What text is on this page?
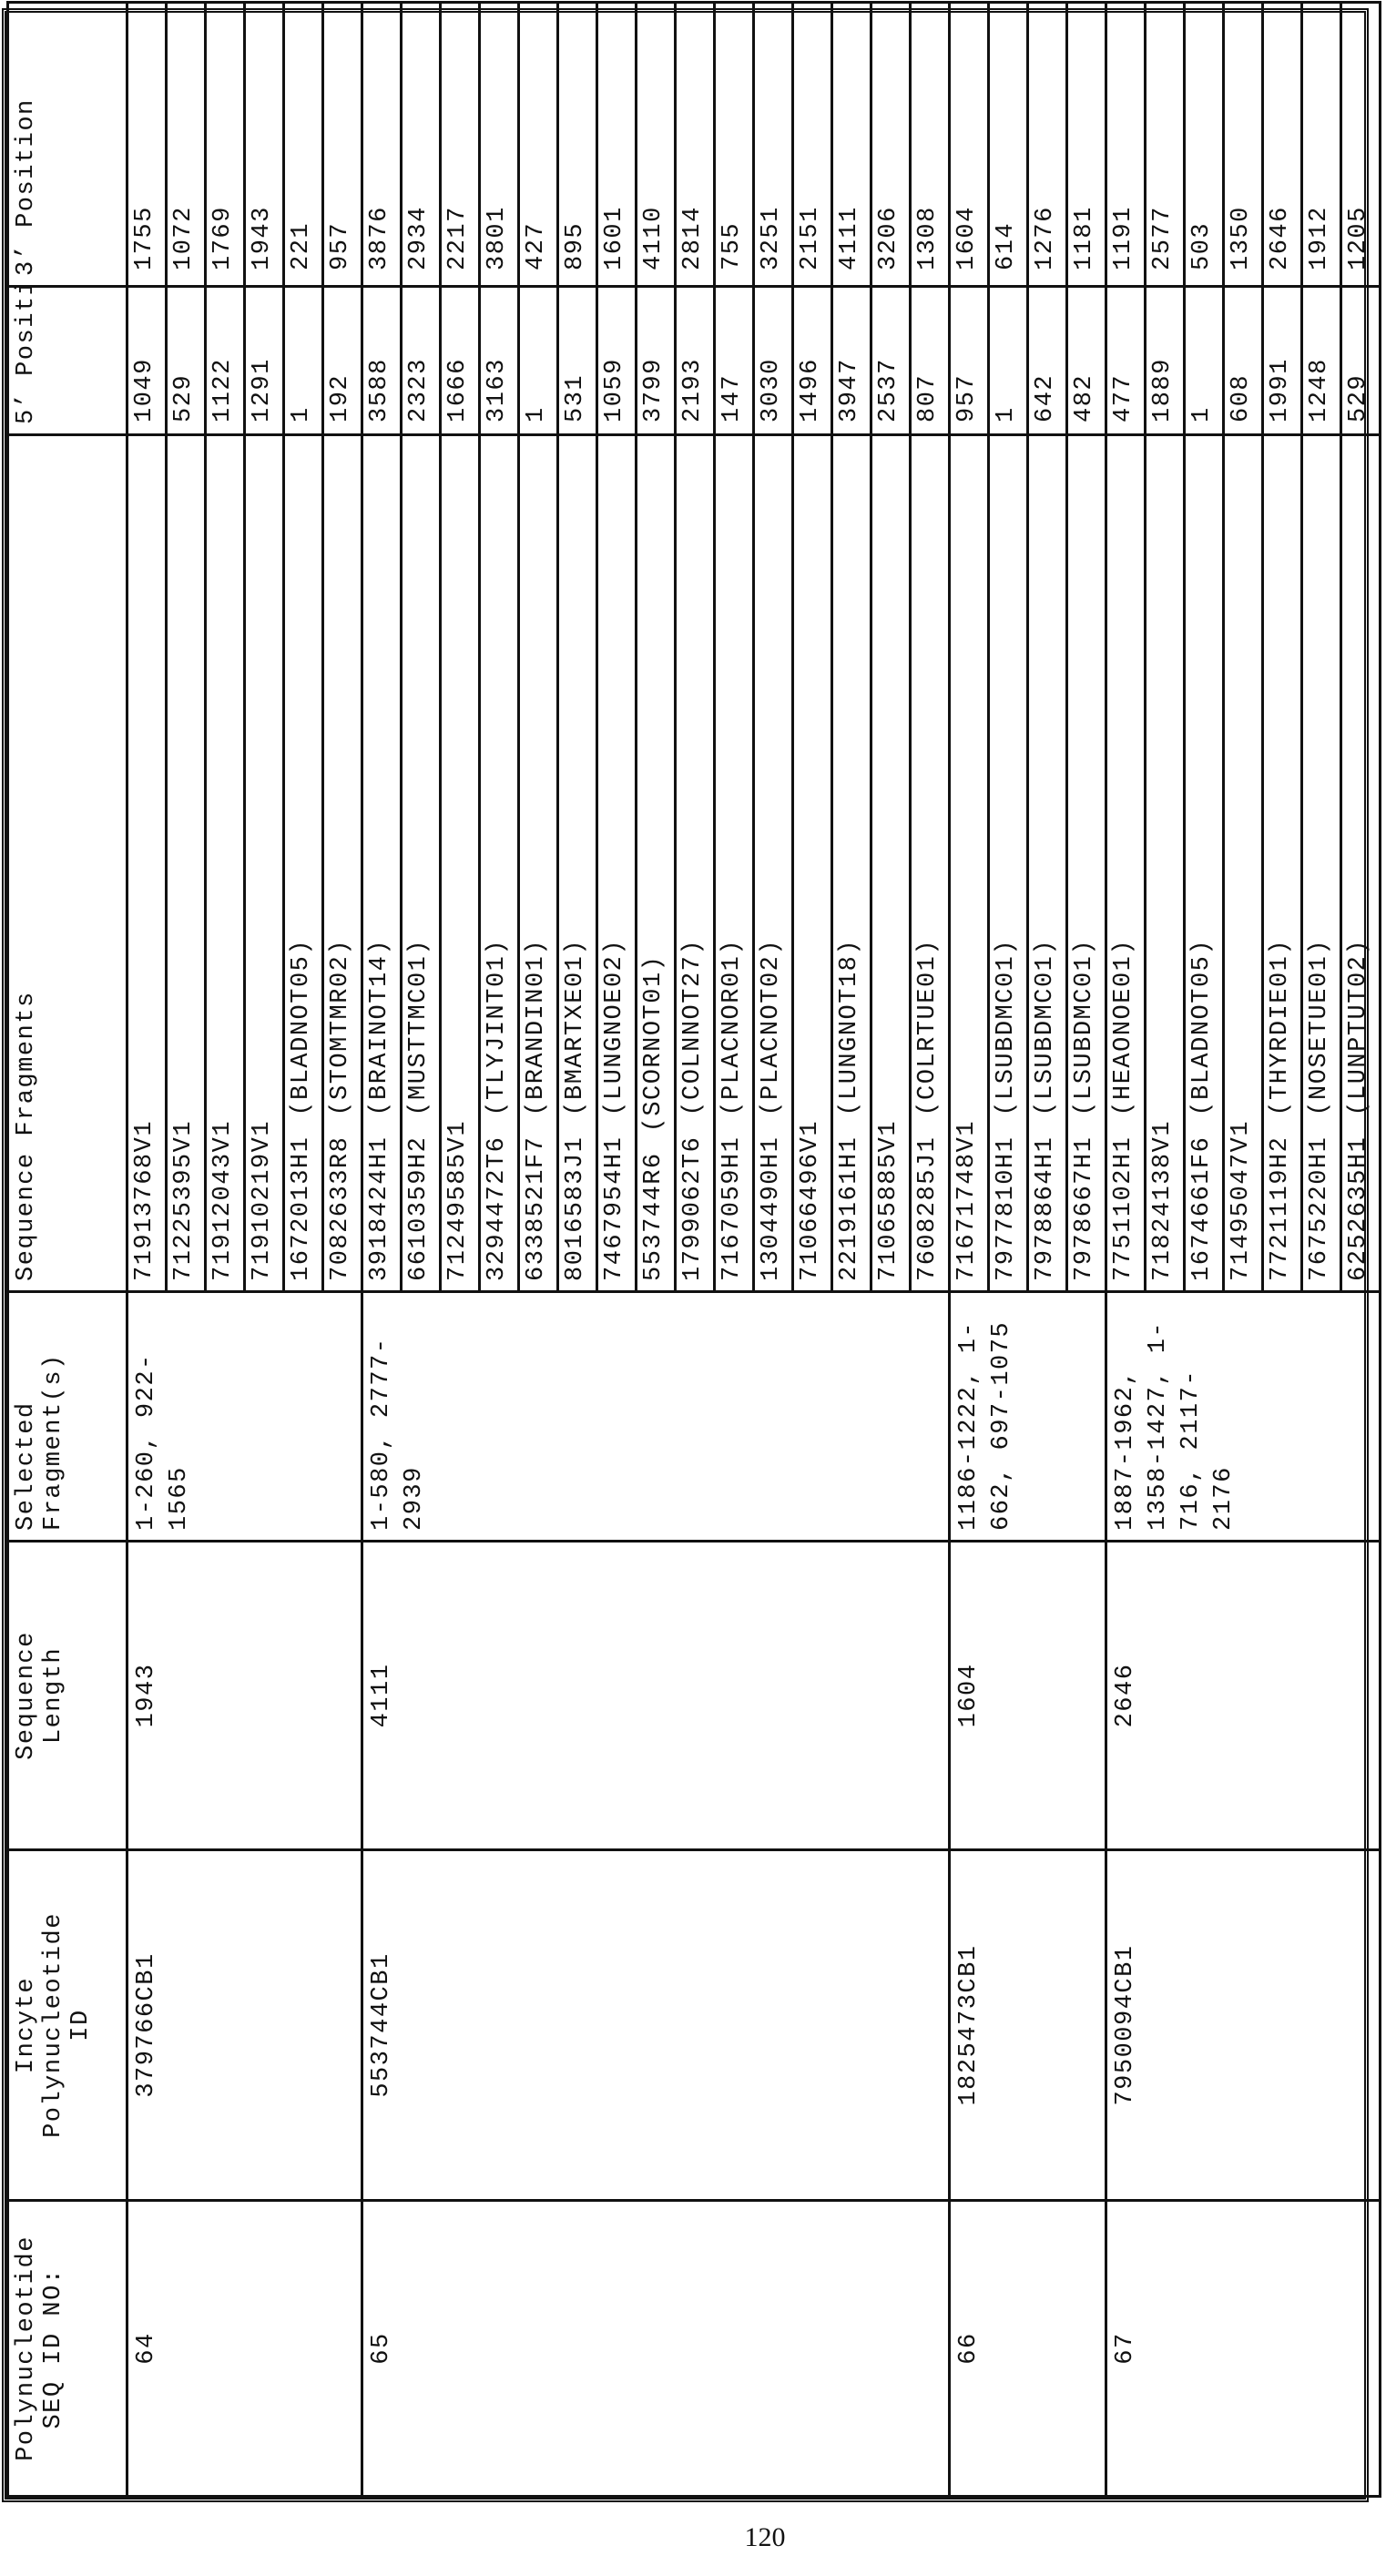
Polynucleotide SEQ ID NO:

Incyte Polynucleotide ID

Sequence Length

Selected Fragment(s)

Sequence Fragments

5’ Position

3’ Position

64	379766CB1	1943	
1-260, 922- 1565
	71913768V1	1049	1755
71225395V1	529	1072
71912043V1	1122	1769
71910219V1	1291	1943
1672013H1(BLADNOT05)	1	221
7082633R8(STOMTMR02)	192	957
65	553744CB1	4111	
1-580, 2777- 2939
	3918424H1(BRAINOT14)	3588	3876
6610359H2(MUSTTMC01)	2323	2934
71249585V1	1666	2217
3294472T6(TLYJINT01)	3163	3801
6338521F7(BRANDIN01)	1	427
8016583J1(BMARTXE01)	531	895
7467954H1(LUNGNOE02)	1059	1601
553744R6(SCORNOT01)	3799	4110
1799062T6(COLNNOT27)	2193	2814
7167059H1(PLACNOR01)	147	755
1304490H1(PLACNOT02)	3030	3251
71066496V1	1496	2151
2219161H1(LUNGNOT18)	3947	4111
71065885V1	2537	3206
7608285J1(COLRTUE01)	807	1308
66	1825473CB1	1604	
1186-1222, 1- 662, 697-1075
	71671748V1	957	1604
7977810H1(LSUBDMC01)	1	614
7978864H1(LSUBDMC01)	642	1276
7978667H1(LSUBDMC01)	482	1181
67	7950094CB1	2646	
1887-1962, 1358-1427, 1- 716, 2117- 2176
	7751102H1(HEAONOE01)	477	1191
71824138V1	1889	2577
1674661F6(BLADNOT05)	1	503
71495047V1	608	1350
7721119H2(THYRDIE01)	1991	2646
7675220H1(NOSETUE01)	1248	1912
6252635H1(LUNPTUT02)	529	1205
120
